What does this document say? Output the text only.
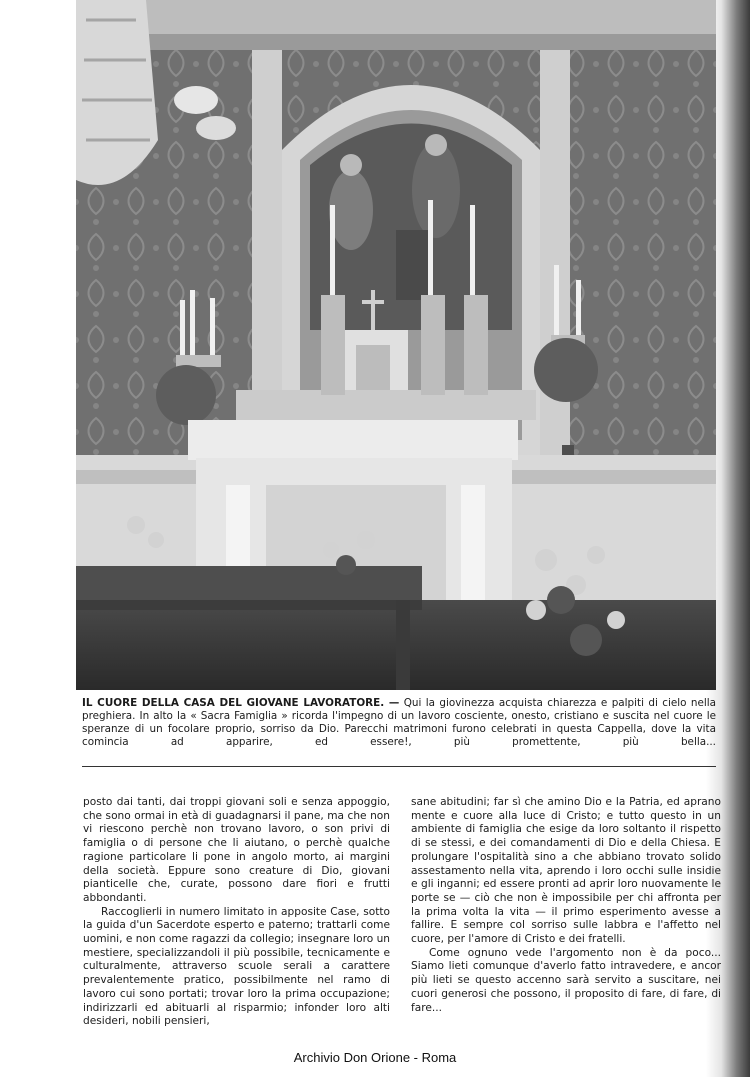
IL CUORE DELLA CASA DEL GIOVANE LAVORATORE. — Qui la giovinezza acquista chiarezza e palpiti di cielo nella preghiera. In alto la « Sacra Famiglia » ricorda l'impegno di un lavoro cosciente, onesto, cristiano e suscita nel cuore le speranze di un focolare proprio, sorriso da Dio. Parecchi matrimoni furono celebrati in questa Cappella, dove la vita comincia ad apparire, ed essere!, più promettente, più bella...

posto dai tanti, dai troppi giovani soli e senza appoggio, che sono ormai in età di guadagnarsi il pane, ma che non vi riescono perchè non trovano lavoro, o son privi di famiglia o di persone che li aiutano, o perchè qualche ragione particolare li pone in angolo morto, ai margini della società. Eppure sono creature di Dio, giovani pianticelle che, curate, possono dare fiori e frutti abbondanti.

Raccoglierli in numero limitato in apposite Case, sotto la guida d'un Sacerdote esperto e paterno; trattarli come uomini, e non come ragazzi da collegio; insegnare loro un mestiere, specializzandoli il più possibile, tecnicamente e culturalmente, attraverso scuole serali a carattere prevalentemente pratico, possibilmente nel ramo di lavoro cui sono portati; trovar loro la prima occupazione; indirizzarli ed abituarli al risparmio; infonder loro alti desideri, nobili pensieri,

sane abitudini; far sì che amino Dio e la Patria, ed aprano mente e cuore alla luce di Cristo; e tutto questo in un ambiente di famiglia che esige da loro soltanto il rispetto di se stessi, e dei comandamenti di Dio e della Chiesa. E prolungare l'ospitalità sino a che abbiano trovato solido assestamento nella vita, aprendo i loro occhi sulle insidie e gli inganni; ed essere pronti ad aprir loro nuovamente le porte se — ciò che non è impossibile per chi affronta per la prima volta la vita — il primo esperimento avesse a fallire. E sempre col sorriso sulle labbra e l'affetto nel cuore, per l'amore di Cristo e dei fratelli.

Come ognuno vede l'argomento non è da poco... Siamo lieti comunque d'averlo fatto intravedere, e ancor più lieti se questo accenno sarà servito a suscitare, nei cuori generosi che possono, il proposito di fare, di fare, di fare...

Archivio Don Orione - Roma
